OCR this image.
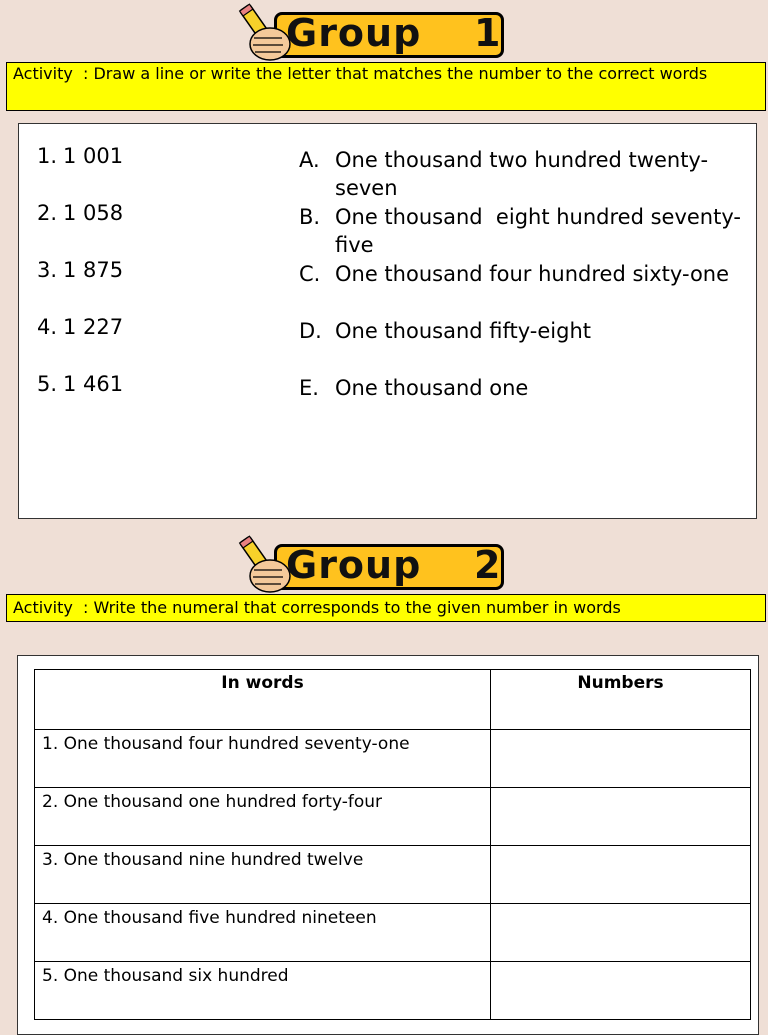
Group 1
Activity  : Draw a line or write the letter that matches the number to the correct words
1. 1 001
2. 1 058
3. 1 875
4. 1 227
5. 1 461
A. One thousand two hundred twenty-seven
B. One thousand  eight hundred seventy-five
C. One thousand four hundred sixty-one
D. One thousand fifty-eight
E. One thousand one
Group 2
Activity  : Write the numeral that corresponds to the given number in words
In words	Numbers
1. One thousand four hundred seventy-one	
2. One thousand one hundred forty-four	
3. One thousand nine hundred twelve	
4. One thousand five hundred nineteen	
5. One thousand six hundred	
